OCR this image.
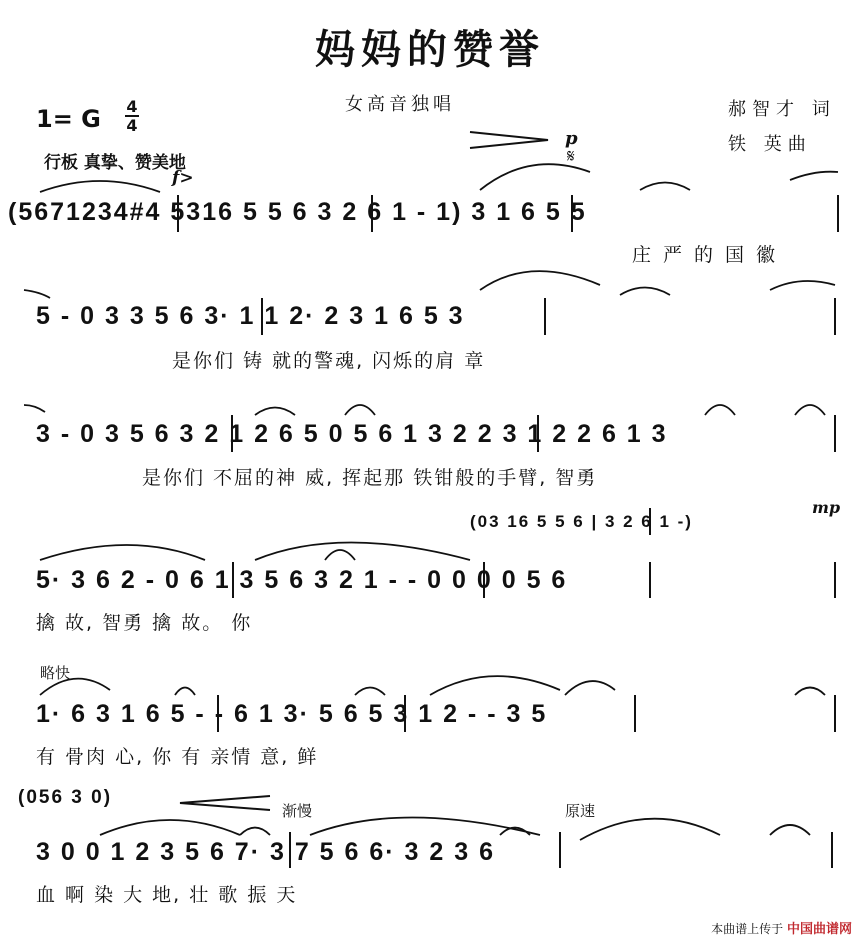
妈妈的赞誉
女高音独唱	郝智才 词
铁 英曲
1= G 4
4
行板 真挚、赞美地
p
𝄋
f>
mp
(5671234#4 5316 5 5 6 3 2 6 1 - 1) 3 1 6 5 5
庄严的国徽
5 - 0 3 3 5 6 3· 1 1 2· 2 3 1 6 5 3
是你们 铸 就的警魂, 闪烁的肩 章
3 - 0 3 5 6 3 2 1 2 6 5 0 5 6 1 3 2 2 3 1 2 2 6 1 3
是你们 不屈的神 威, 挥起那 铁钳般的手臂, 智勇
(03 16 5 5 6 | 3 2 6 1 -)
5· 3 6 2 - 0 6 1 3 5 6 3 2 1 - - 0 0 0 0 5 6
擒 故, 智勇 擒 故。 你
略快
1· 6 3 1 6 5 - - 6 1 3· 5 6 5 3 1 2 - - 3 5
有 骨肉 心, 你 有 亲情 意, 鲜
(056 3 0)
渐慢	原速
3 0 0 1 2 3 5 6 7· 3 7 5 6 6· 3 2 3 6
血 啊 染 大 地, 壮 歌 振 天
本曲谱上传于 中国曲谱网
